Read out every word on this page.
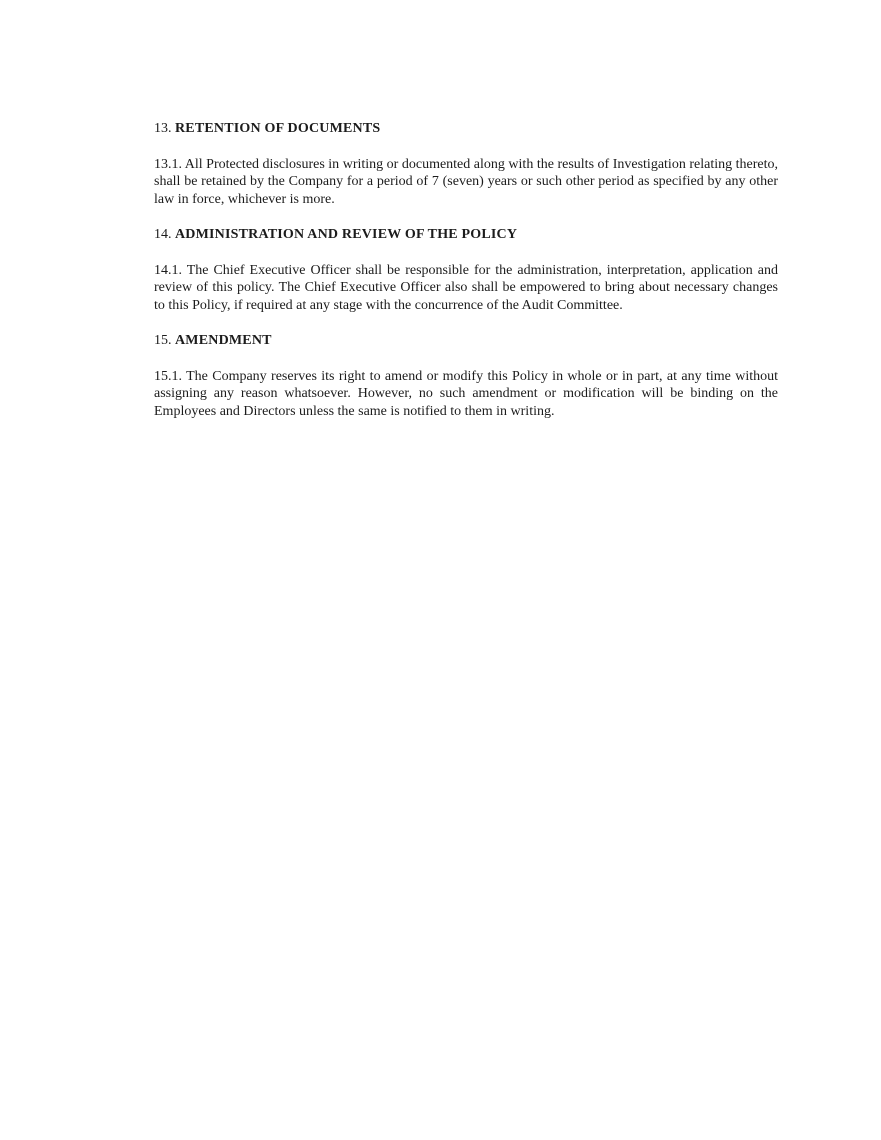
13. RETENTION OF DOCUMENTS

13.1. All Protected disclosures in writing or documented along with the results of Investigation relating thereto, shall be retained by the Company for a period of 7 (seven) years or such other period as specified by any other law in force, whichever is more.

14. ADMINISTRATION AND REVIEW OF THE POLICY

14.1. The Chief Executive Officer shall be responsible for the administration, interpretation, application and review of this policy. The Chief Executive Officer also shall be empowered to bring about necessary changes to this Policy, if required at any stage with the concurrence of the Audit Committee.

15. AMENDMENT

15.1. The Company reserves its right to amend or modify this Policy in whole or in part, at any time without assigning any reason whatsoever. However, no such amendment or modification will be binding on the Employees and Directors unless the same is notified to them in writing.
